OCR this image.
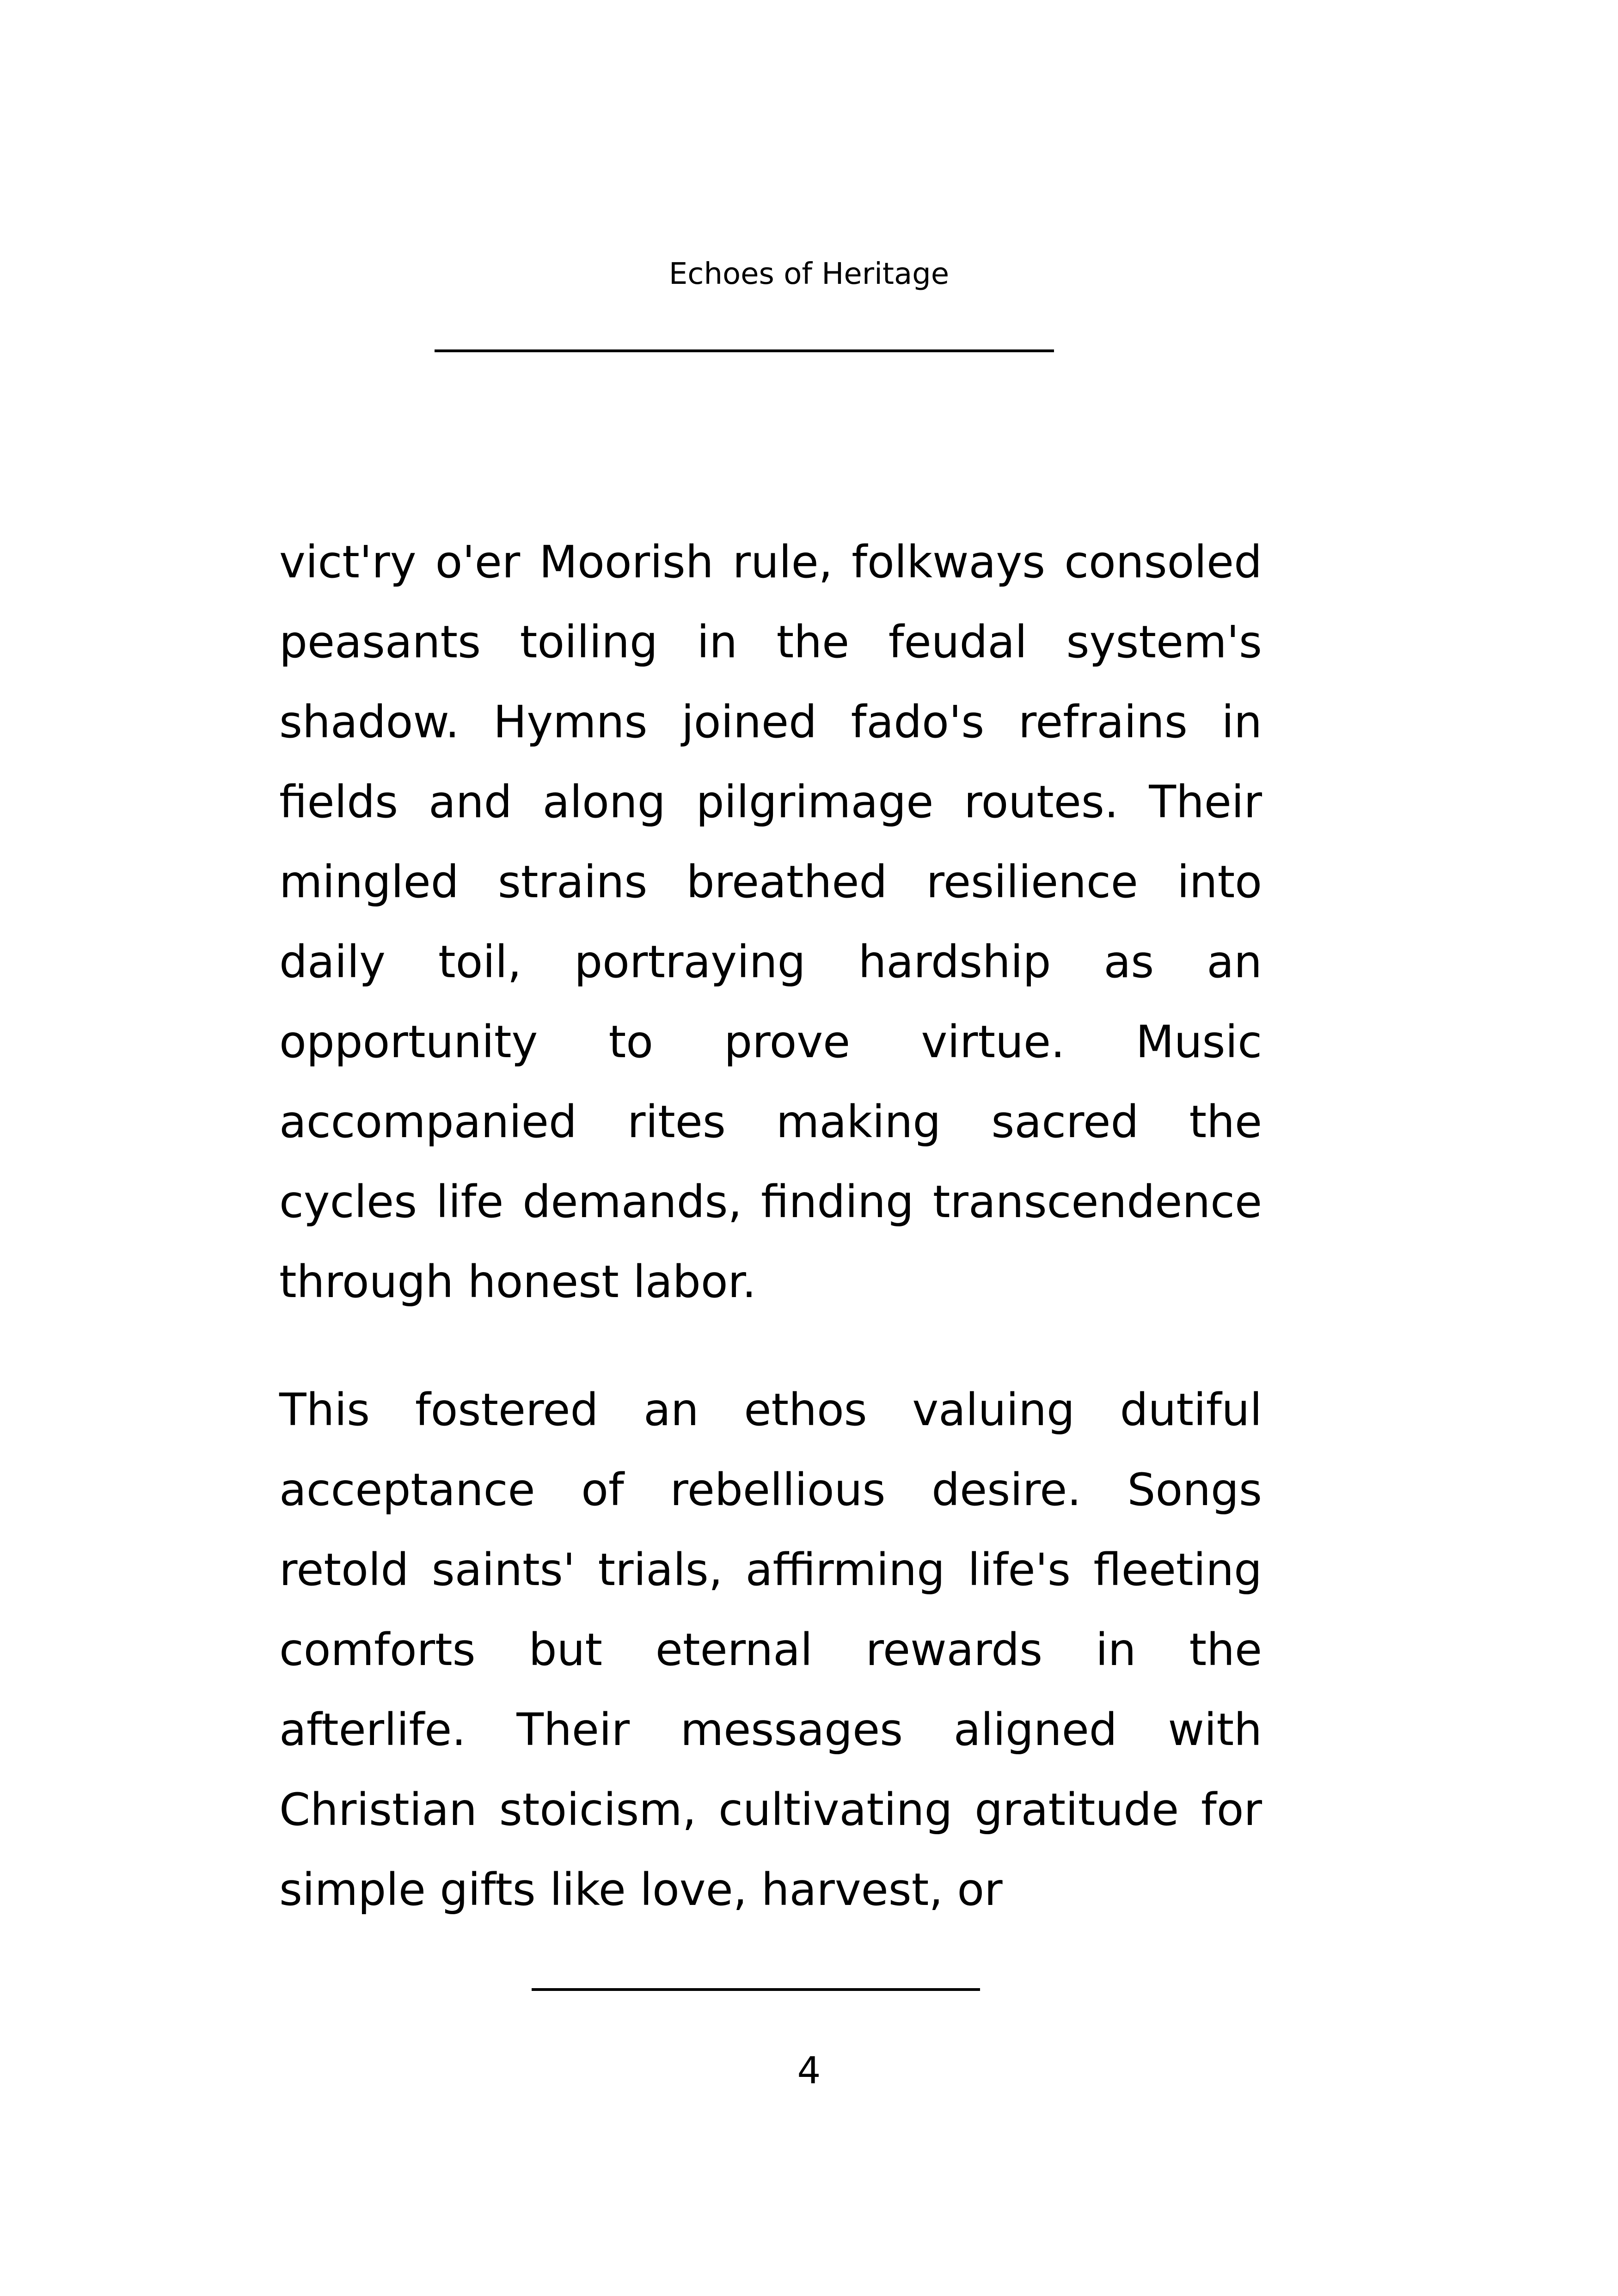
Echoes of Heritage

vict'ry o'er Moorish rule, folkways consoled peasants toiling in the feudal system's shadow. Hymns joined fado's refrains in fields and along pilgrimage routes. Their mingled strains breathed resilience into daily toil, portraying hardship as an opportunity to prove virtue. Music accompanied rites making sacred the cycles life demands, finding transcendence through honest labor.

This fostered an ethos valuing dutiful acceptance of rebellious desire. Songs retold saints' trials, affirming life's fleeting comforts but eternal rewards in the afterlife. Their messages aligned with Christian stoicism, cultivating gratitude for simple gifts like love, harvest, or

4
